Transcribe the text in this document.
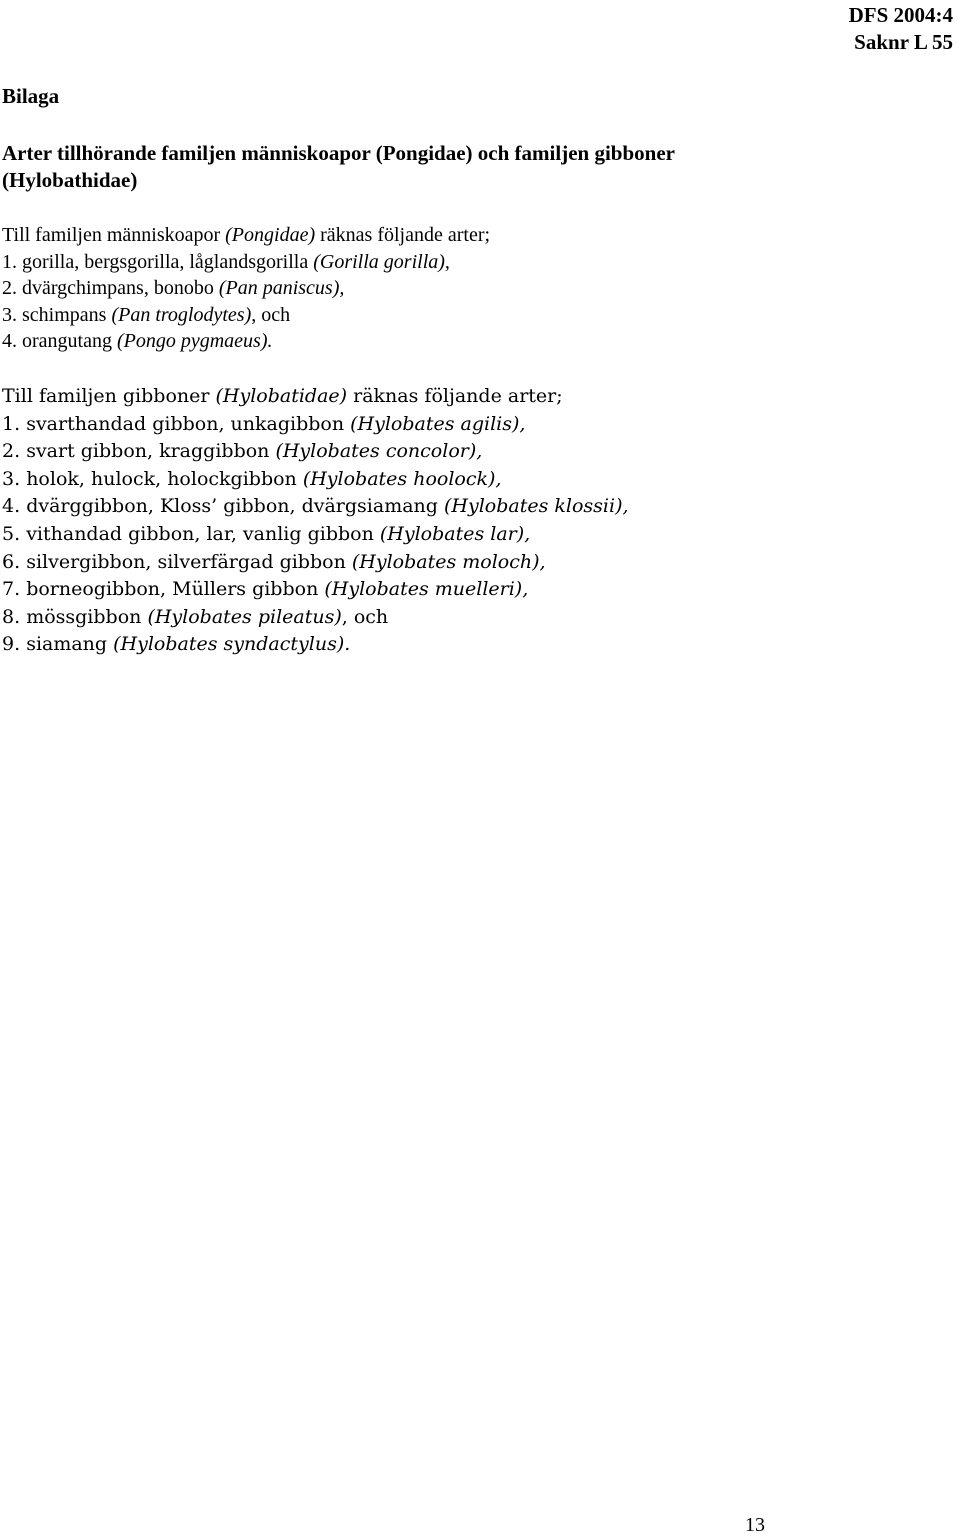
DFS 2004:4
Saknr L 55

Bilaga

Arter tillhörande familjen människoapor (Pongidae) och familjen gibboner (Hylobathidae)

Till familjen människoapor (Pongidae) räknas följande arter;
1. gorilla, bergsgorilla, låglandsgorilla (Gorilla gorilla),
2. dvärgchimpans, bonobo (Pan paniscus),
3. schimpans (Pan troglodytes), och
4. orangutang (Pongo pygmaeus).
Till familjen gibboner (Hylobatidae) räknas följande arter;
1. svarthandad gibbon, unkagibbon (Hylobates agilis),
2. svart gibbon, kraggibbon (Hylobates concolor),
3. holok, hulock, holockgibbon (Hylobates hoolock),
4. dvärggibbon, Kloss’ gibbon, dvärgsiamang (Hylobates klossii),
5. vithandad gibbon, lar, vanlig gibbon (Hylobates lar),
6. silvergibbon, silverfärgad gibbon (Hylobates moloch),
7. borneogibbon, Müllers gibbon (Hylobates muelleri),
8. mössgibbon (Hylobates pileatus), och
9. siamang (Hylobates syndactylus).
13
